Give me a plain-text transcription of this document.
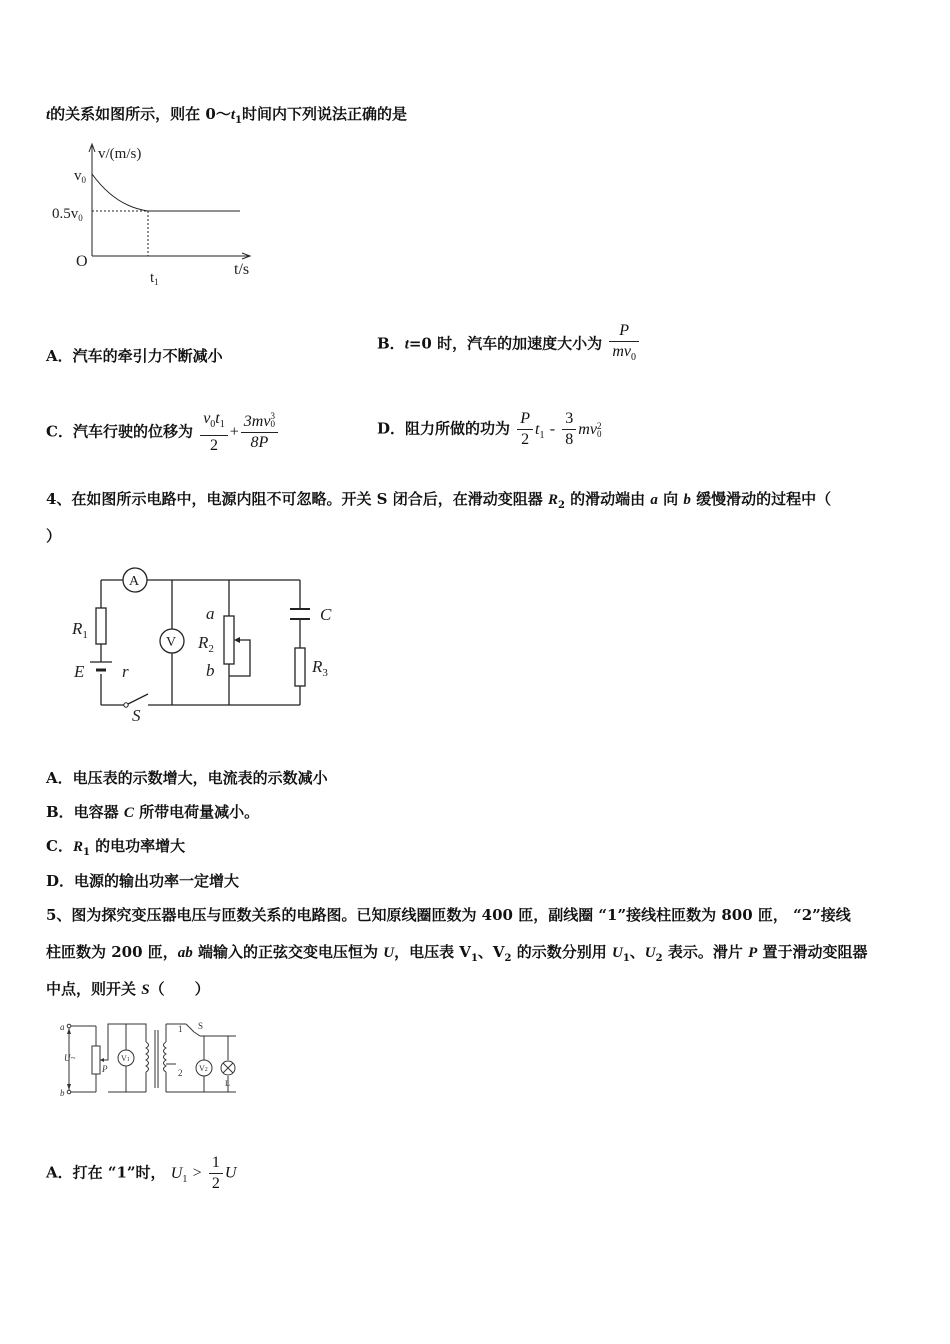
t的关系如图所示，则在 $0\sim t_1$时间内下列说法正确的是
v/(m/s)
$v_0$
$0.5v_0$
O
$t_1$
t/s
A．汽车的牵引力不断减小
B．t=0 时，汽车的加速度大小为 $\frac{P}{mv_0}$
C．汽车行驶的位移为 $\frac{v_0t_1}{2} + 3mv$ 3
0
8P	D．阻力所做的功为 $\frac{P}{2} t_1 - \frac{3}{8}$ mv 2
0
4、在如图所示电路中，电源内阻不可忽略。开关 S 闭合后，在滑动变阻器 $R_2$ 的滑动端由 a 向 b 缓慢滑动的过程中（
）
A
V
$R_1$
E r
S
a
$R_2$
b
C
$R_3$
A．电压表的示数增大，电流表的示数减小
B．电容器 C 所带电荷量减小。
C．$R_1$ 的电功率增大
D．电源的输出功率一定增大
5、图为探究变压器电压与匝数关系的电路图。已知原线圈匝数为 400 匝，副线圈 “1”接线柱匝数为 800 匝， “2”接线
柱匝数为 200 匝，ab 端输入的正弦交变电压恒为 U，电压表 $V_1$、$V_2$ 的示数分别用 $U_1$、$U_2$ 表示。滑片 P 置于滑动变阻器
中点，则开关 S（　　）
a
b
U~
P
V1
1
2
S
V2
L
A．打在 “1”时， $U_1 > \frac{1}{2}$ U
